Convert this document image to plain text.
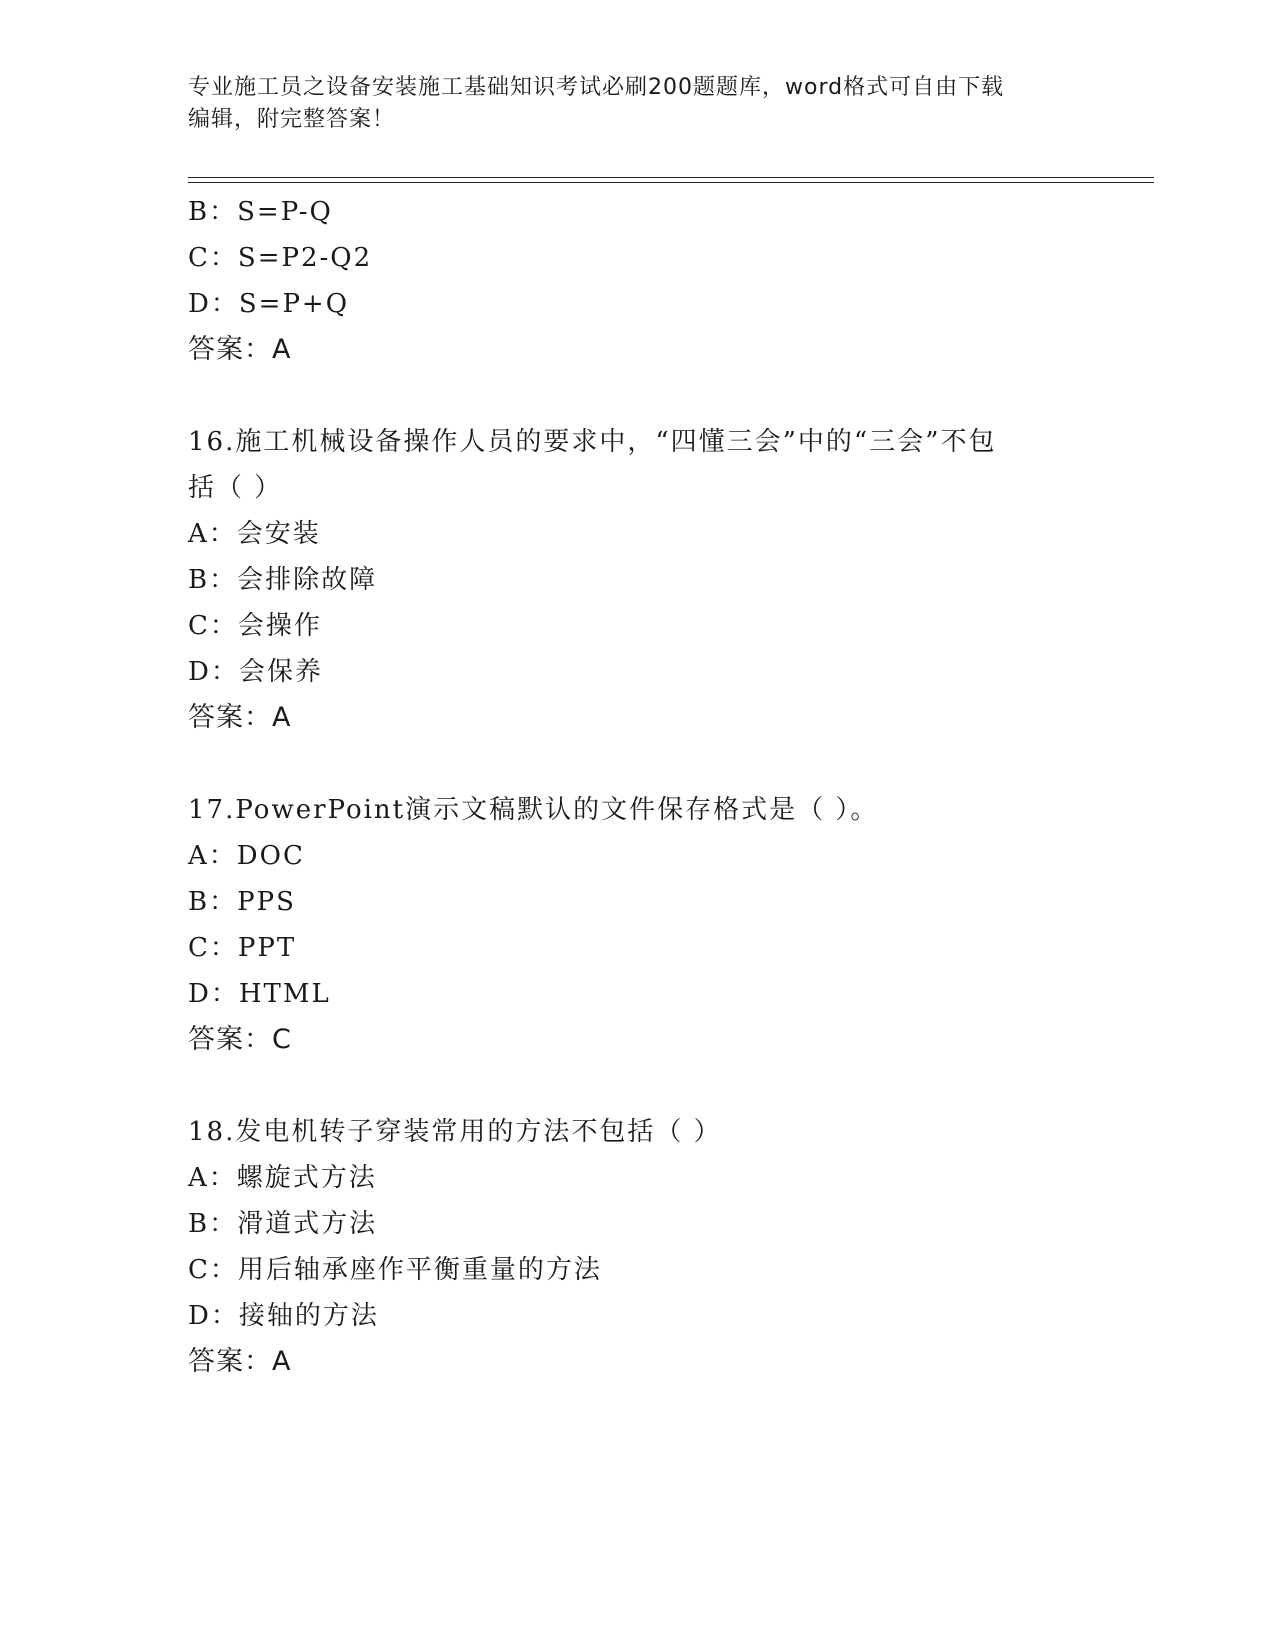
专业施工员之设备安装施工基础知识考试必刷200题题库，word格式可自由下载
编辑，附完整答案！
B：S=P-Q
C：S=P2-Q2
D：S=P+Q
答案：A
16.施工机械设备操作人员的要求中，“四懂三会”中的“三会”不包
括（ ）
A：会安装
B：会排除故障
C：会操作
D：会保养
答案：A
17.PowerPoint演示文稿默认的文件保存格式是（ ）。
A：DOC
B：PPS
C：PPT
D：HTML
答案：C
18.发电机转子穿装常用的方法不包括（ ）
A：螺旋式方法
B：滑道式方法
C：用后轴承座作平衡重量的方法
D：接轴的方法
答案：A
